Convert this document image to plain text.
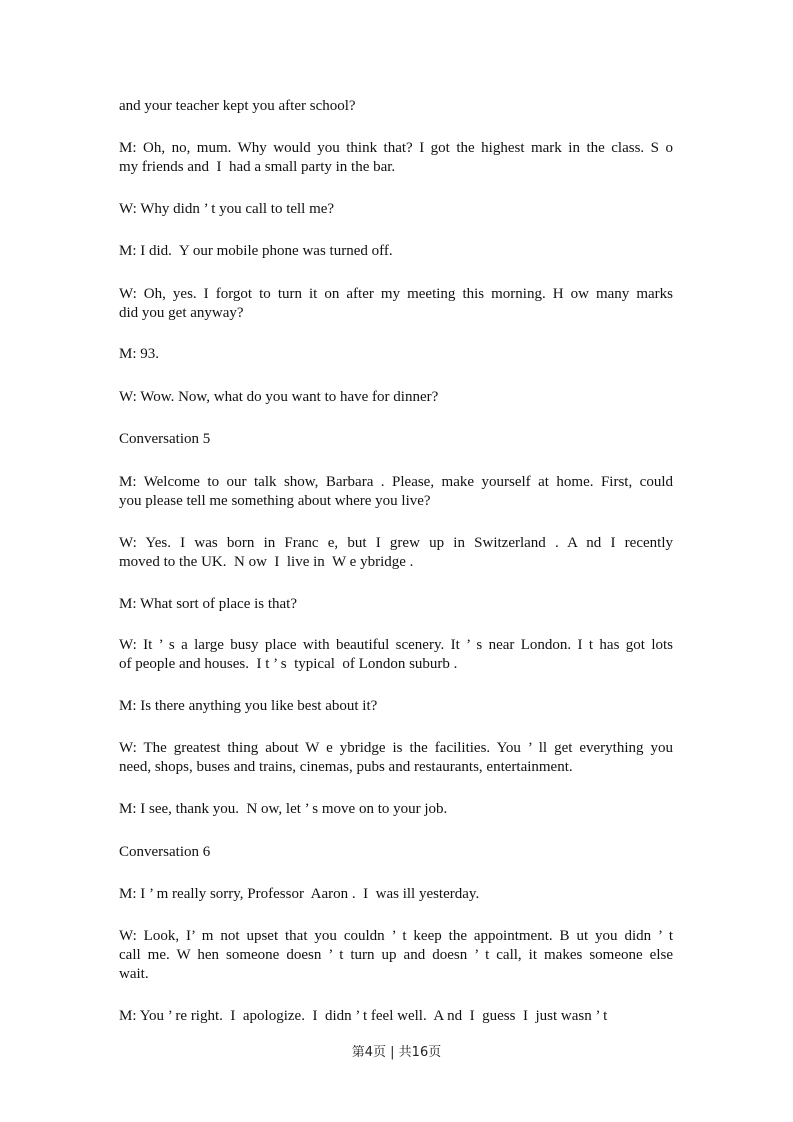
and your teacher kept you after school?
M: Oh, no, mum. Why would you think that? I got the highest mark in the class. S o
my friends and  I  had a small party in the bar.
W: Why didn ’ t you call to tell me?
M: I did.  Y our mobile phone was turned off.
W: Oh, yes. I forgot to turn it on after my meeting this morning. H ow many marks
did you get anyway?
M: 93.
W: Wow. Now, what do you want to have for dinner?
Conversation 5
M: Welcome to our talk show, Barbara . Please, make yourself at home. First, could
you please tell me something about where you live?
W: Yes. I was born in Franc e, but I grew up in Switzerland . A nd I recently
moved to the UK.  N ow  I  live in  W e ybridge .
M: What sort of place is that?
W: It ’ s a large busy place with beautiful scenery. It ’ s near London. I t has got lots
of people and houses.  I t ’ s  typical  of London suburb .
M: Is there anything you like best about it?
W: The greatest thing about W e ybridge is the facilities. You ’ ll get everything you
need, shops, buses and trains, cinemas, pubs and restaurants, entertainment.
M: I see, thank you.  N ow, let ’ s move on to your job.
Conversation 6
M: I ’ m really sorry, Professor  Aaron .  I  was ill yesterday.
W: Look, I’ m not upset that you couldn ’ t keep the appointment. B ut you didn ’ t
call me. W hen someone doesn ’ t turn up and doesn ’ t call, it makes someone else
wait.
M: You ’ re right.  I  apologize.  I  didn ’ t feel well.  A nd  I  guess  I  just wasn ’ t
第4页 | 共16页
